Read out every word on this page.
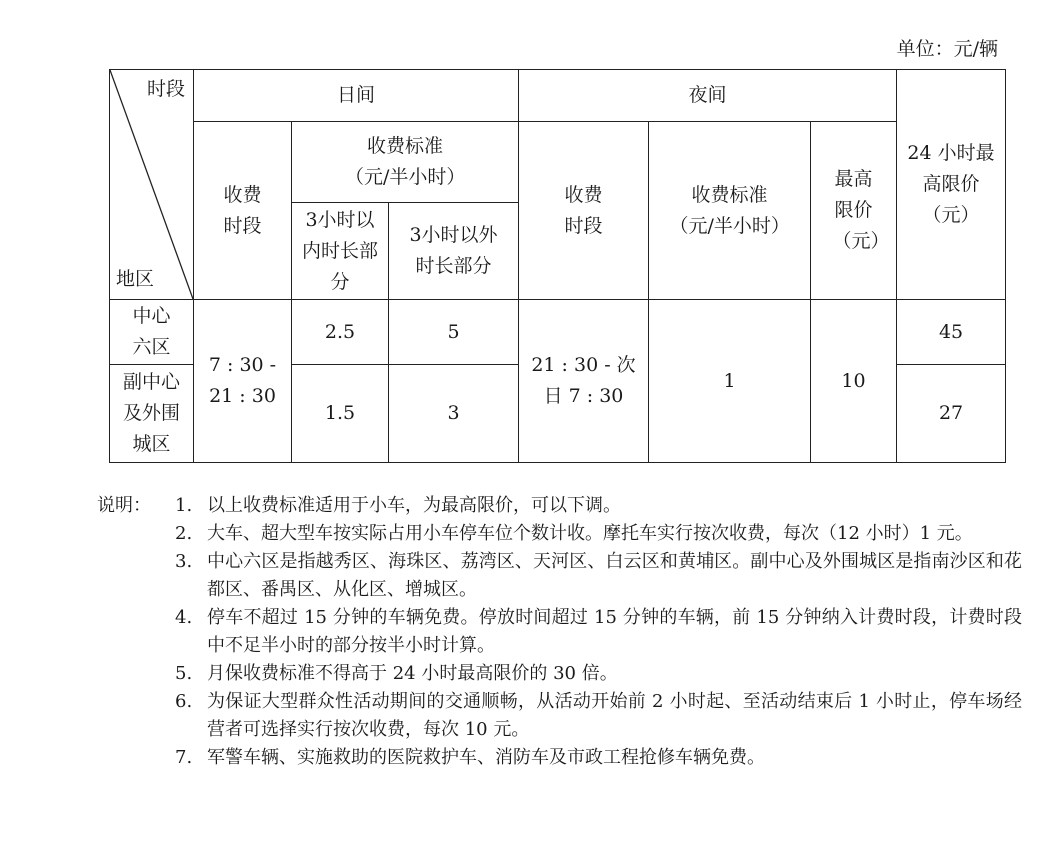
单位：元/辆
时段
地区	日间			夜间			24 小时最高限价（元）

	收费时段	收费标准（元/半小时）		收费时段	收费标准（元/半小时）	最高限价（元）	

		3小时以内时长部分	3小时以外时长部分				

中心六区	7 : 30 - 21 : 30	2.5	5	21 : 30 - 次日 7 : 30	1	10	45

副中心及外围城区		1.5	3				27
说明： 1. 以上收费标准适用于小车，为最高限价，可以下调。
2. 大车、超大型车按实际占用小车停车位个数计收。摩托车实行按次收费，每次（12 小时）1 元。
3. 中心六区是指越秀区、海珠区、荔湾区、天河区、白云区和黄埔区。副中心及外围城区是指南沙区和花都区、番禺区、从化区、增城区。
4. 停车不超过 15 分钟的车辆免费。停放时间超过 15 分钟的车辆，前 15 分钟纳入计费时段，计费时段中不足半小时的部分按半小时计算。
5. 月保收费标准不得高于 24 小时最高限价的 30 倍。
6. 为保证大型群众性活动期间的交通顺畅，从活动开始前 2 小时起、至活动结束后 1 小时止，停车场经营者可选择实行按次收费，每次 10 元。
7. 军警车辆、实施救助的医院救护车、消防车及市政工程抢修车辆免费。
